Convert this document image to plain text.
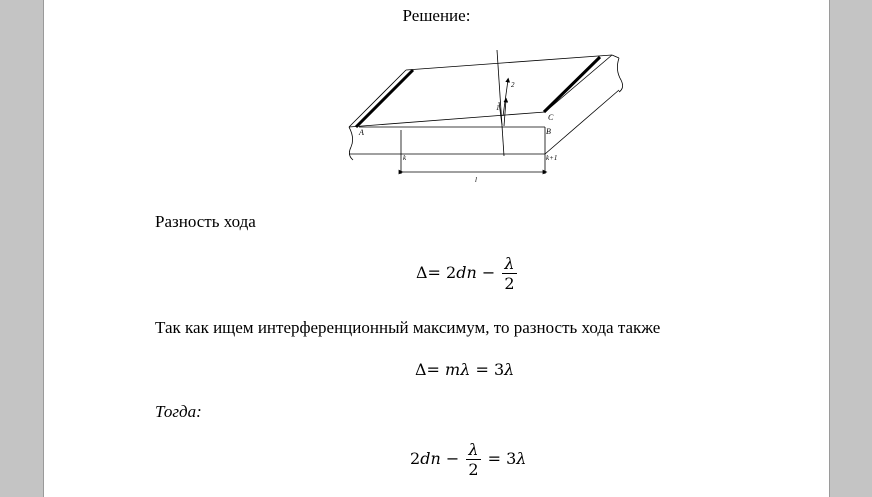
Решение:
A	B
C
1
2
k	k+1
l
Разность хода
$\Delta= 2dn - \frac{\lambda}{2}$
Так как ищем интерференционный максимум, то разность хода также
Δ= mλ = 3λ
Тогда:
$2dn - \frac{\lambda}{2} = 3\lambda$
